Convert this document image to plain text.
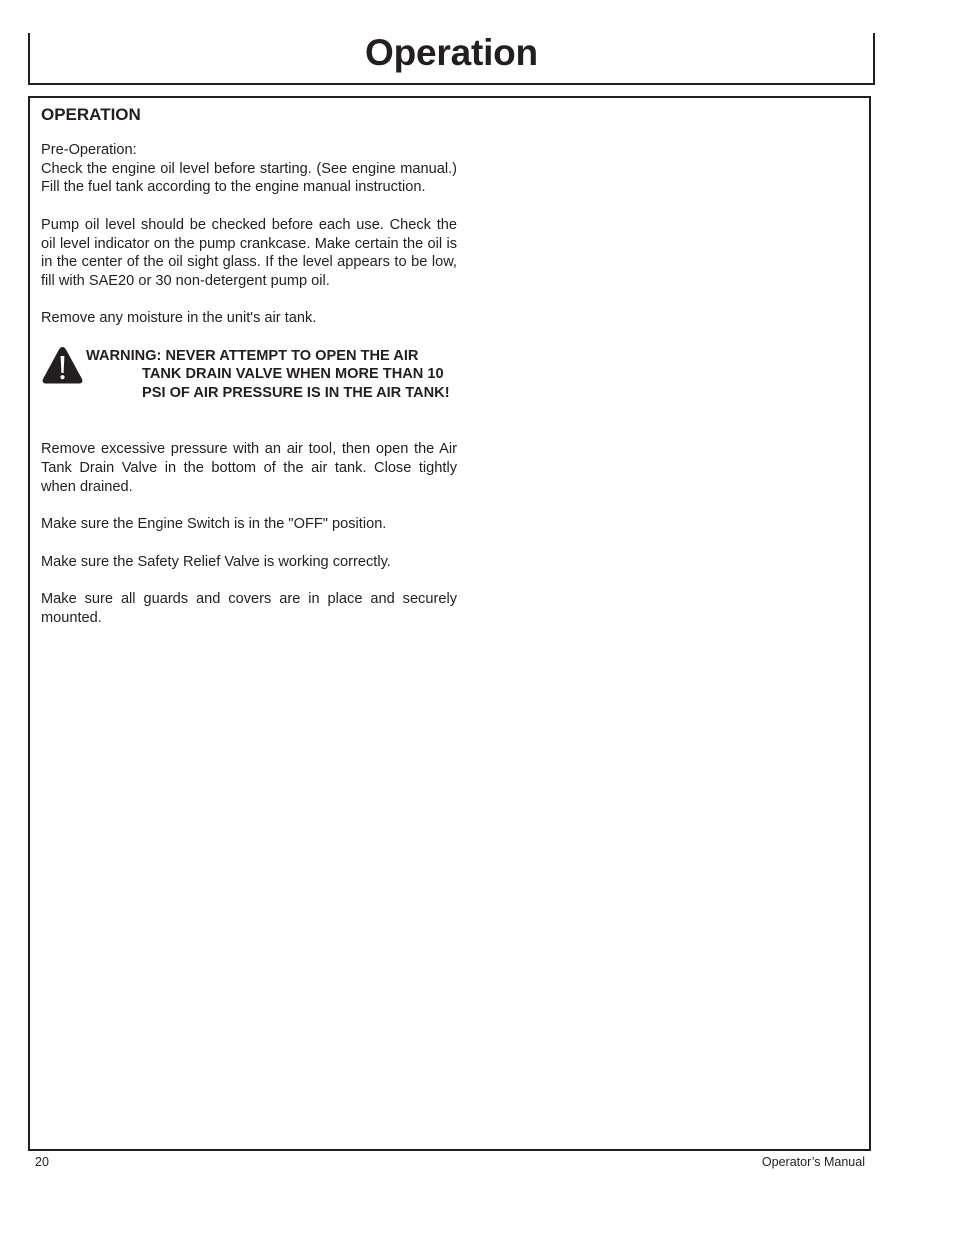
Operation
OPERATION
Pre-Operation:
Check the engine oil level before starting. (See engine manual.) Fill the fuel tank according to the engine manual instruction.

Pump oil level should be checked before each use. Check the oil level indicator on the pump crankcase. Make certain the oil is in the center of the oil sight glass. If the level appears to be low, fill with SAE20 or 30 non-detergent pump oil.

Remove any moisture in the unit's air tank.

WARNING: NEVER ATTEMPT TO OPEN THE AIR TANK DRAIN VALVE WHEN MORE THAN 10 PSI OF AIR PRESSURE IS IN THE AIR TANK!

Remove excessive pressure with an air tool, then open the Air Tank Drain Valve in the bottom of the air tank. Close tightly when drained.

Make sure the Engine Switch is in the "OFF" position.

Make sure the Safety Relief Valve is working correctly.

Make sure all guards and covers are in place and securely mounted.

20	Operator’s Manual
